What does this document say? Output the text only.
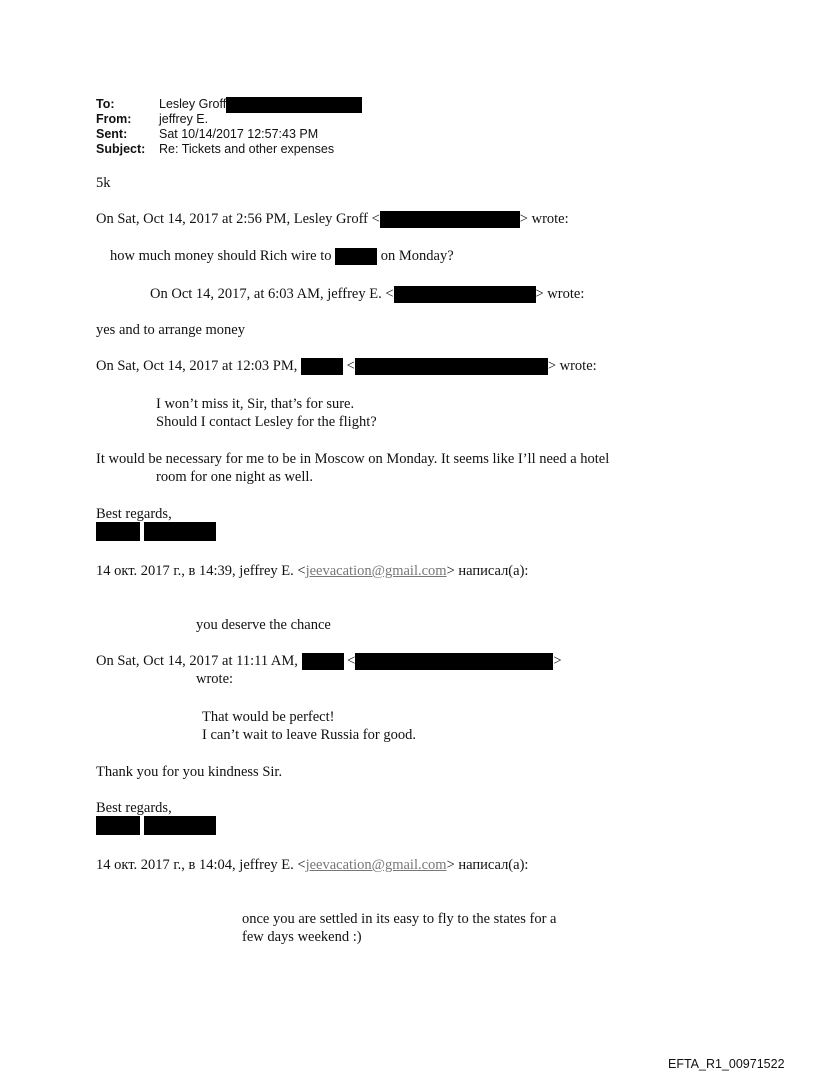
To:	Lesley Groff
From: jeffrey E.
Sent:	Sat 10/14/2017 12:57:43 PM
Subject: Re: Tickets and other expenses
5k
On Sat, Oct 14, 2017 at 2:56 PM, Lesley Groff <	> wrote:
how much money should Rich wire to	on Monday?
On Oct 14, 2017, at 6:03 AM, jeffrey E. <	> wrote:
yes and to arrange money
On Sat, Oct 14, 2017 at 12:03 PM,	<	> wrote:
I won’t miss it, Sir, that’s for sure.
Should I contact Lesley for the flight?
It would be necessary for me to be in Moscow on Monday. It seems like I’ll need a hotel
room for one night as well.
Best regards,

14 окт. 2017 г., в 14:39, jeffrey E. <jeevacation@gmail.com> написал(а):
you deserve the chance
On Sat, Oct 14, 2017 at 11:11 AM,	<	>
wrote:
That would be perfect!
I can’t wait to leave Russia for good.
Thank you for you kindness Sir.
Best regards,

14 окт. 2017 г., в 14:04, jeffrey E. <jeevacation@gmail.com> написал(а):
once you are settled in its easy to fly to the states for a
few days weekend :)
EFTA_R1_00971522
